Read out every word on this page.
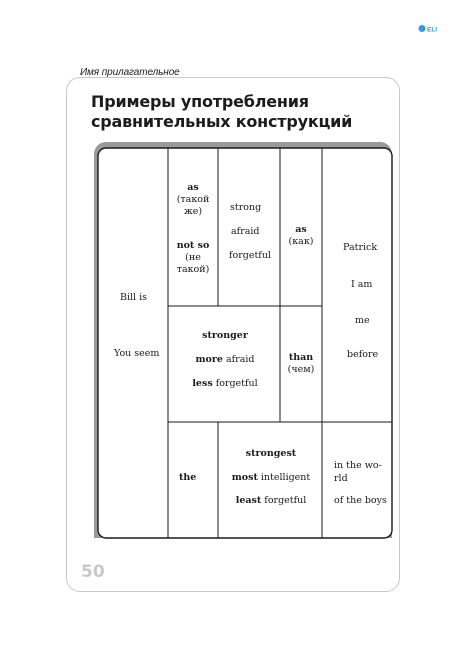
ELI
Имя прилагательное
Примеры употребления
сравнительных конструкций
Bill is
You seem
as
(такой
же)
not so
(не
такой)
strong
afraid
forgetful
as
(как)
stronger
more afraid
less forgetful
than
(чем)
Patrick
I am
me
before
the
strongest
most intelligent
least forgetful
in the wo-
rld
of the boys
50
